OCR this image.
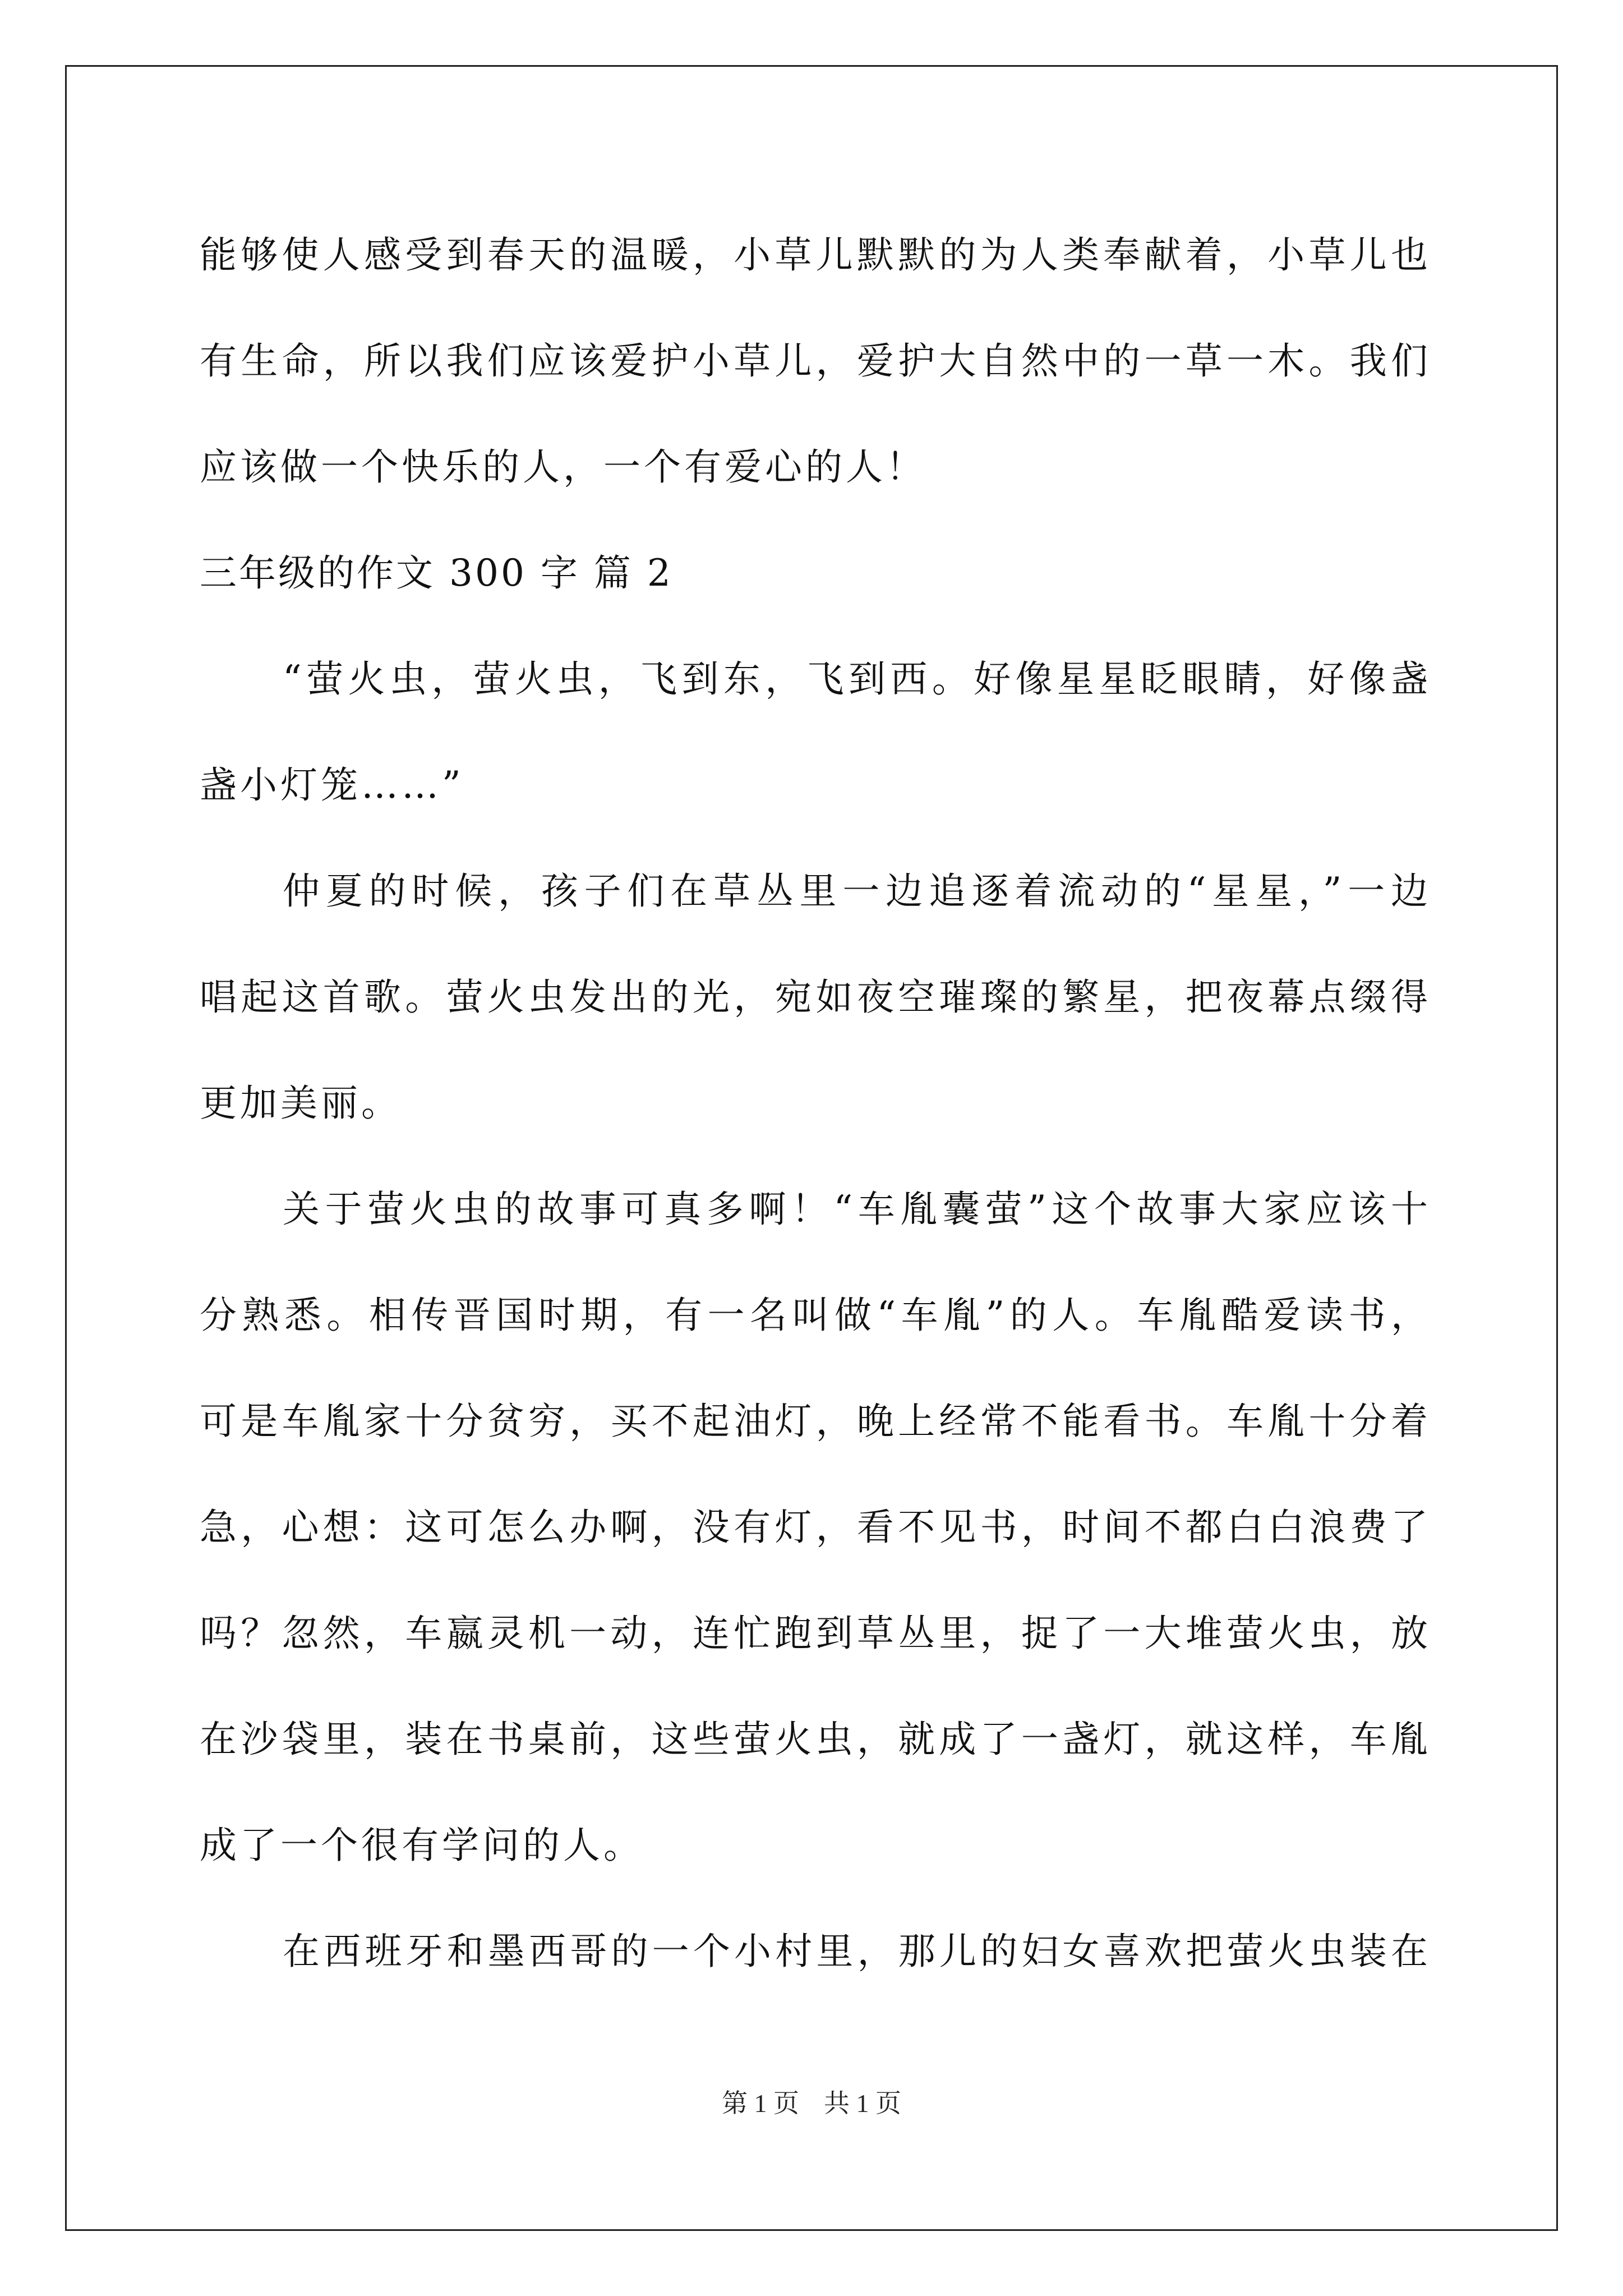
能够使人感受到春天的温暖，小草儿默默的为人类奉献着，小草儿也
有生命，所以我们应该爱护小草儿，爱护大自然中的一草一木。我们
应该做一个快乐的人，一个有爱心的人！
三年级的作文 300 字 篇 2
“萤火虫，萤火虫，飞到东，飞到西。好像星星眨眼睛，好像盏
盏小灯笼……”
仲夏的时候，孩子们在草丛里一边追逐着流动的“星星，”一边
唱起这首歌。萤火虫发出的光，宛如夜空璀璨的繁星，把夜幕点缀得
更加美丽。
关于萤火虫的故事可真多啊！“车胤囊萤”这个故事大家应该十
分熟悉。相传晋国时期，有一名叫做“车胤”的人。车胤酷爱读书，
可是车胤家十分贫穷，买不起油灯，晚上经常不能看书。车胤十分着
急，心想：这可怎么办啊，没有灯，看不见书，时间不都白白浪费了
吗？忽然，车嬴灵机一动，连忙跑到草丛里，捉了一大堆萤火虫，放
在沙袋里，装在书桌前，这些萤火虫，就成了一盏灯，就这样，车胤
成了一个很有学问的人。
在西班牙和墨西哥的一个小村里，那儿的妇女喜欢把萤火虫装在
第 1 页 共 1 页
